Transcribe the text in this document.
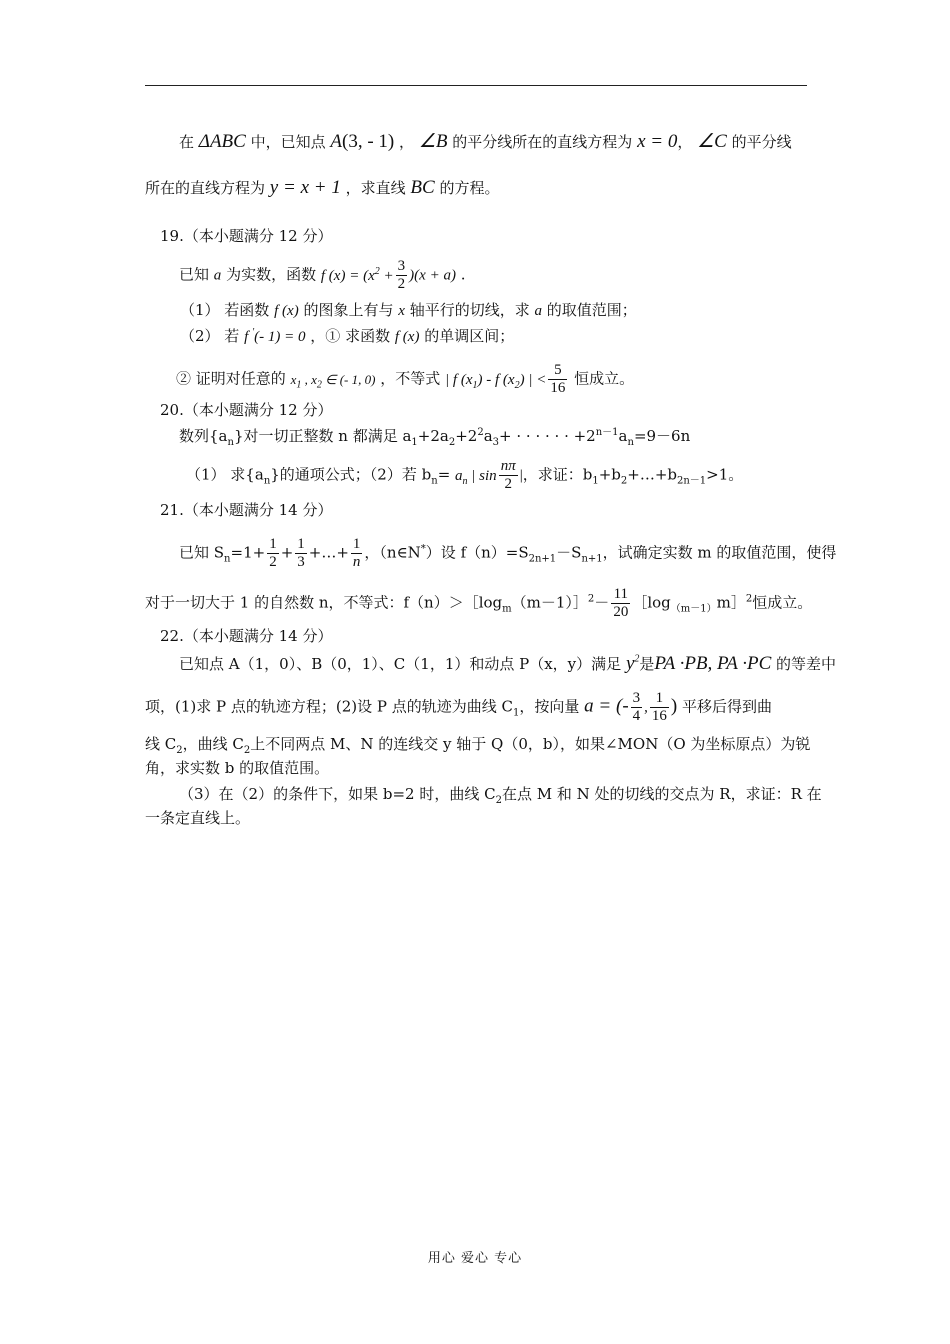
在 ΔABC 中，已知点 A(3, - 1) ， ∠B 的平分线所在的直线方程为 x = 0， ∠C 的平分线
所在的直线方程为 y = x + 1 ，求直线 BC 的方程。
19.（本小题满分 12 分）
已知 a 为实数，函数 f $(x) = (x^2 + \frac{3}{2} )(x + a)$ .
（1） 若函数 f (x) 的图象上有与 x 轴平行的切线，求 a 的取值范围；
（2） 若 f '(- 1) = 0 ，① 求函数 f (x) 的单调区间；
② 证明对任意的 $x_1$ , $x_2$ ∈ (- 1, 0) ，不等式 | f $(x_1)$ - f $(x_2)$ | < $\frac{5}{16}$ 恒成立。
20.（本小题满分 12 分）
数列$\{a_n\}$对一切正整数 n 都满足 $a_1+2a_2+2^2a_3+$ · · · · · · $+2^{n-1}a_n=9-6n$
（1） 求$\{a_n\}$的通项公式；（2）若 $b_n= a_n$ | $\sin \frac{n\pi}{2}$ |，求证：$b_1+b_2+\dots+b_{2n-1}>1$。
21.（本小题满分 14 分）
已知 $S_n=1+ \frac{1}{2} + \frac{1}{3}$ +…+ $\frac{1}{n}$ ，（n∈N*）设 $f(n)=S_{2n+1}-S_{n+1}$，试确定实数 m 的取值范围，使得
对于一切大于 1 的自然数 n，不等式：$f(n)>[\log_m(m-1)]^2- \frac{11}{20}$ $[\log_{(m-1)}m]^2$恒成立。
22.（本小题满分 14 分）
已知点 A（1，0）、B（0，1）、C（1，1）和动点 P（x，y）满足 $y^2$是PA ·PB, PA ·PC 的等差中
项，(1)求 P 点的轨迹方程；(2)设 P 点的轨迹为曲线 $C_1$，按向量 a = (- $\frac{3}{4}$ , $\frac{1}{16}$ ) 平移后得到曲
线 $C_2$，曲线 $C_2$上不同两点 M、N 的连线交 y 轴于 Q（0，b），如果∠MON（O 为坐标原点）为锐
角，求实数 b 的取值范围。
（3）在（2）的条件下，如果 b=2 时，曲线 $C_2$在点 M 和 N 处的切线的交点为 R，求证：R 在
一条定直线上。
用心 爱心 专心
